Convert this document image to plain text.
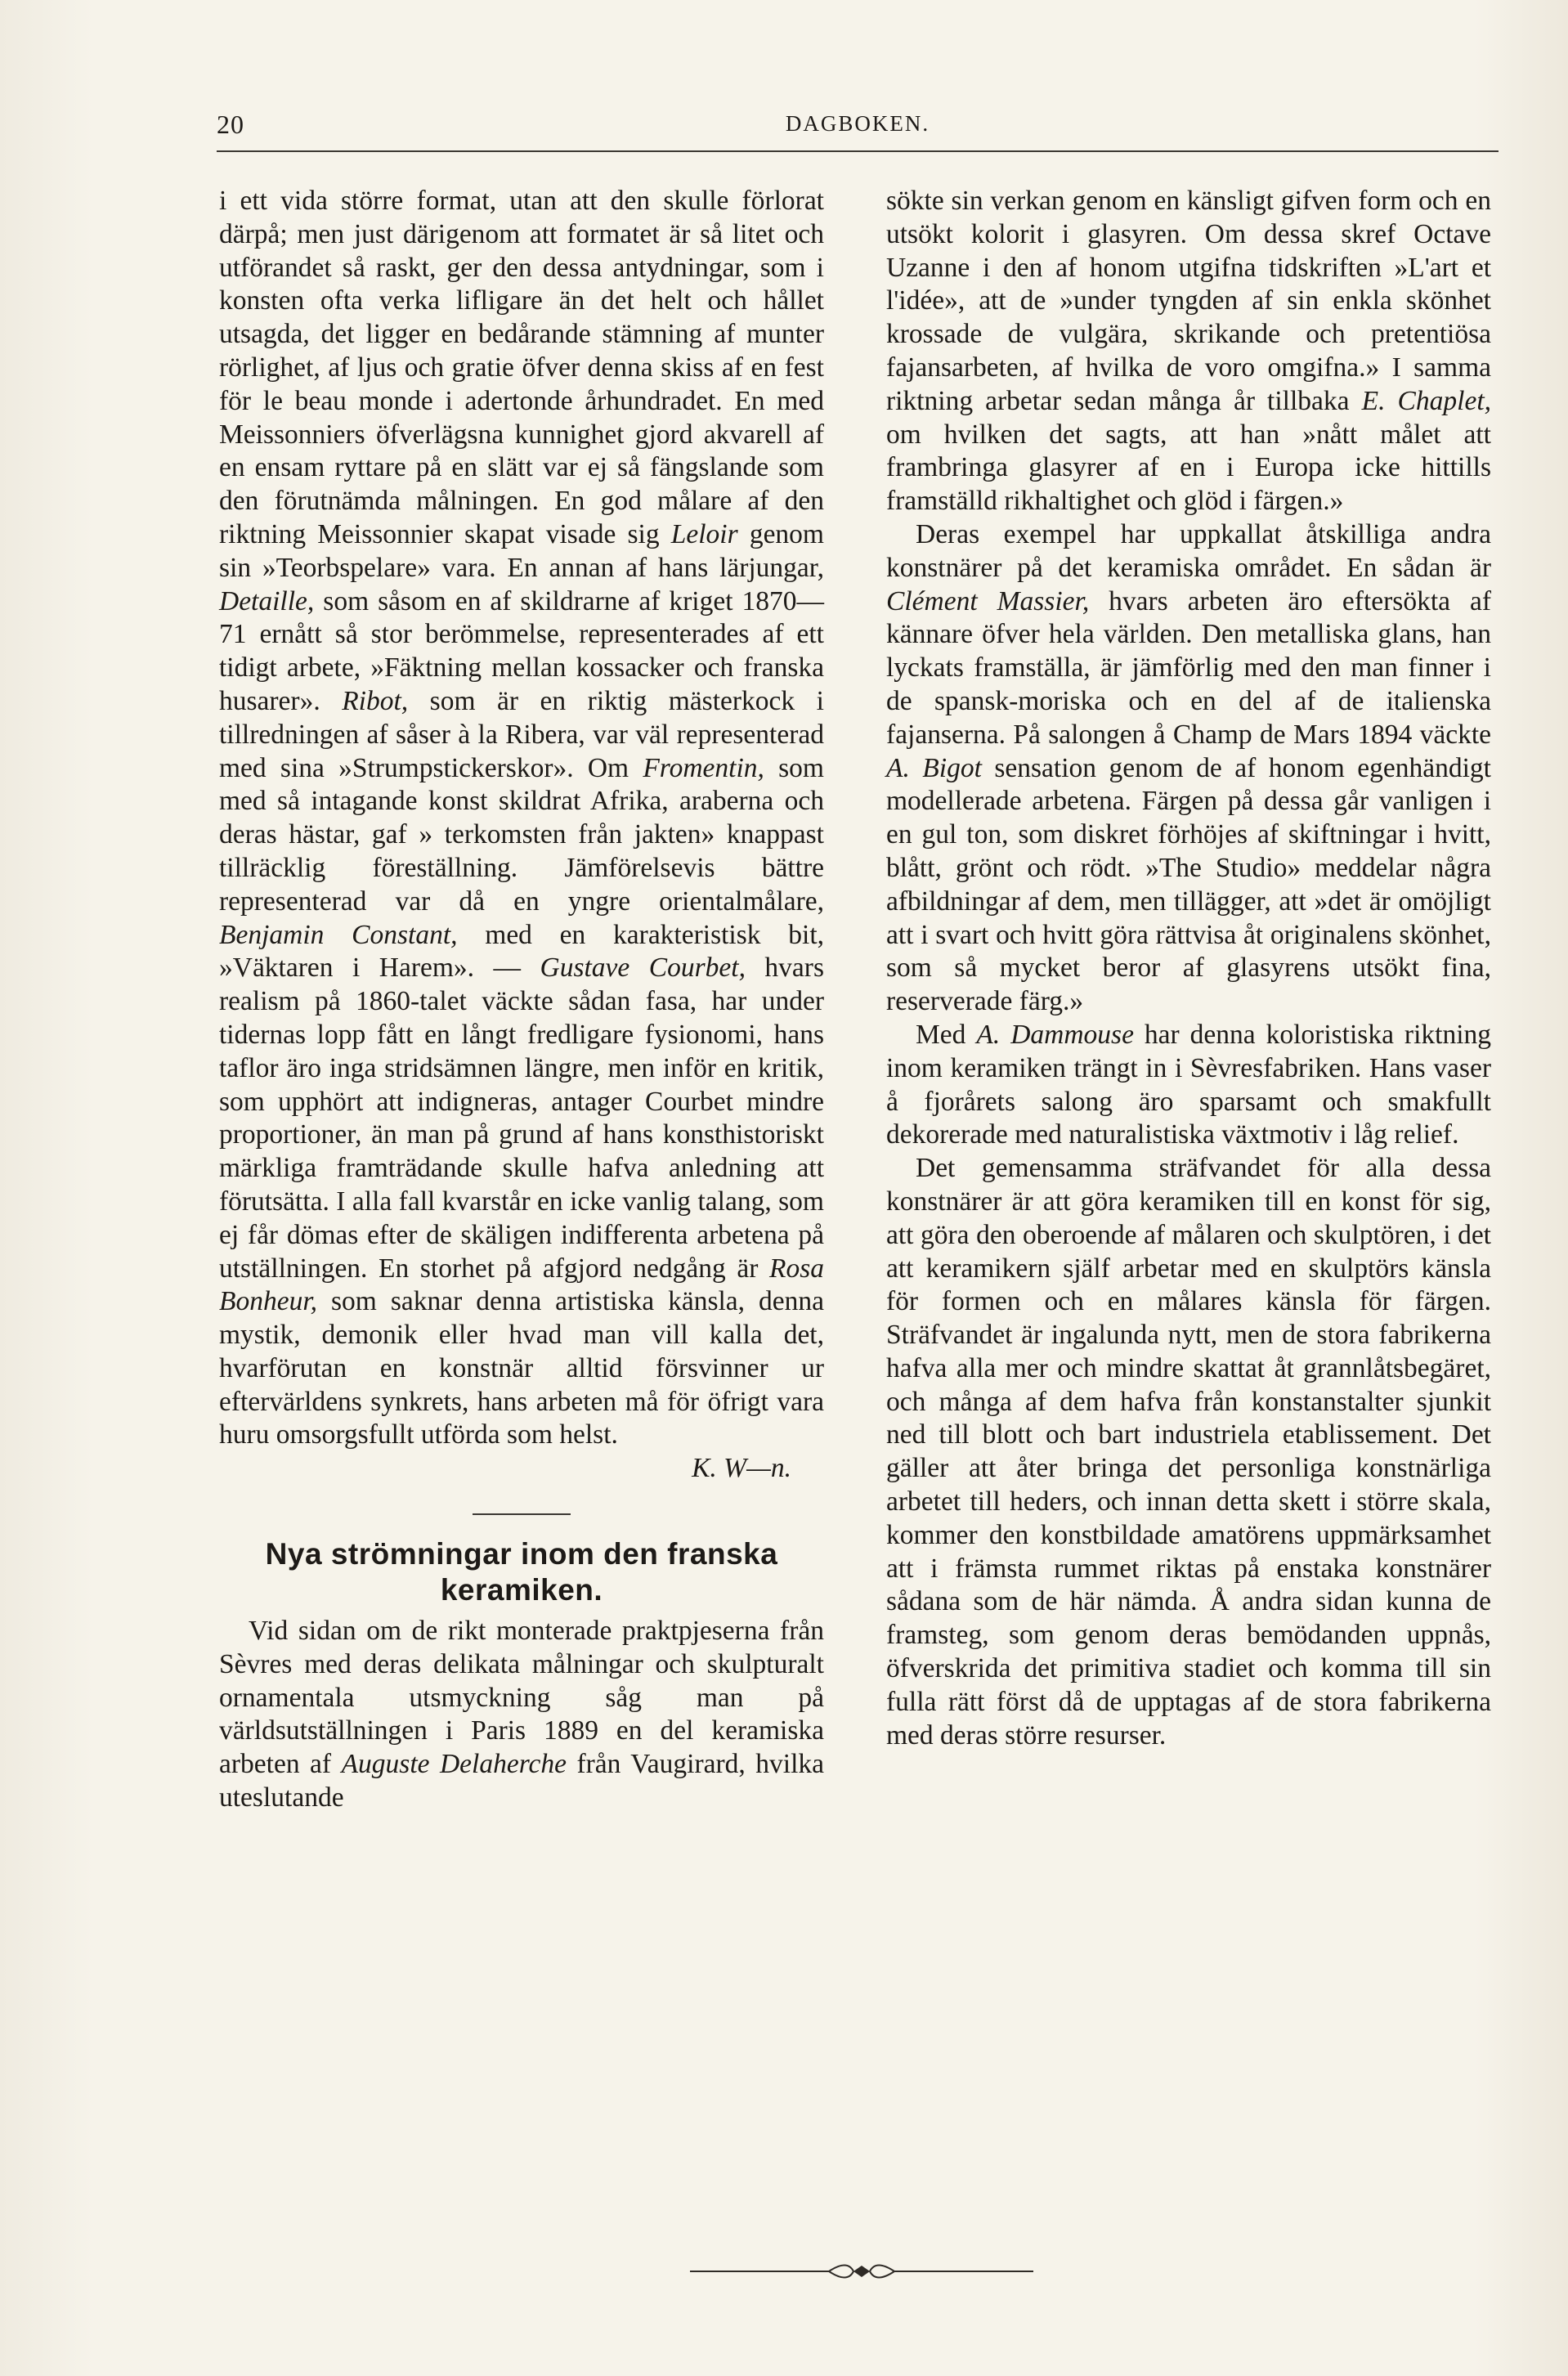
20	DAGBOKEN.

i ett vida större format, utan att den skulle förlorat därpå; men just därigenom att formatet är så litet och utförandet så raskt, ger den dessa antydningar, som i konsten ofta verka lifligare än det helt och hållet utsagda, det ligger en bedårande stämning af munter rörlighet, af ljus och gratie öfver denna skiss af en fest för le beau monde i adertonde århundradet. En med Meissonniers öfverlägsna kunnighet gjord akvarell af en ensam ryttare på en slätt var ej så fängslande som den förutnämda målningen. En god målare af den riktning Meissonnier skapat visade sig Leloir genom sin »Teorbspelare» vara. En annan af hans lärjungar, Detaille, som såsom en af skildrarne af kriget 1870—71 ernått så stor berömmelse, representerades af ett tidigt arbete, »Fäktning mellan kossacker och franska husarer». Ribot, som är en riktig mästerkock i tillredningen af såser à la Ribera, var väl representerad med sina »Strumpstickerskor». Om Fromentin, som med så intagande konst skildrat Afrika, araberna och deras hästar, gaf » terkomsten från jakten» knappast tillräcklig föreställning. Jämförelsevis bättre representerad var då en yngre orientalmålare, Benjamin Constant, med en karakteristisk bit, »Väktaren i Harem». — Gustave Courbet, hvars realism på 1860-talet väckte sådan fasa, har under tidernas lopp fått en långt fredligare fysionomi, hans taflor äro inga stridsämnen längre, men inför en kritik, som upphört att indigneras, antager Courbet mindre proportioner, än man på grund af hans konsthistoriskt märkliga framträdande skulle hafva anledning att förutsätta. I alla fall kvarstår en icke vanlig talang, som ej får dömas efter de skäligen indifferenta arbetena på utställningen. En storhet på afgjord nedgång är Rosa Bonheur, som saknar denna artistiska känsla, denna mystik, demonik eller hvad man vill kalla det, hvarförutan en konstnär alltid försvinner ur eftervärldens synkrets, hans arbeten må för öfrigt vara huru omsorgsfullt utförda som helst.

K. W—n.
Nya strömningar inom den franska keramiken.

Vid sidan om de rikt monterade praktpjeserna från Sèvres med deras delikata målningar och skulpturalt ornamentala utsmyckning såg man på världsutställningen i Paris 1889 en del keramiska arbeten af Auguste Delaherche från Vaugirard, hvilka uteslutande

sökte sin verkan genom en känsligt gifven form och en utsökt kolorit i glasyren. Om dessa skref Octave Uzanne i den af honom utgifna tidskriften »L'art et l'idée», att de »under tyngden af sin enkla skönhet krossade de vulgära, skrikande och pretentiösa fajansarbeten, af hvilka de voro omgifna.» I samma riktning arbetar sedan många år tillbaka E. Chaplet, om hvilken det sagts, att han »nått målet att frambringa glasyrer af en i Europa icke hittills framställd rikhaltighet och glöd i färgen.»

Deras exempel har uppkallat åtskilliga andra konstnärer på det keramiska området. En sådan är Clément Massier, hvars arbeten äro eftersökta af kännare öfver hela världen. Den metalliska glans, han lyckats framställa, är jämförlig med den man finner i de spansk-moriska och en del af de italienska fajanserna. På salongen å Champ de Mars 1894 väckte A. Bigot sensation genom de af honom egenhändigt modellerade arbetena. Färgen på dessa går vanligen i en gul ton, som diskret förhöjes af skiftningar i hvitt, blått, grönt och rödt. »The Studio» meddelar några afbildningar af dem, men tillägger, att »det är omöjligt att i svart och hvitt göra rättvisa åt originalens skönhet, som så mycket beror af glasyrens utsökt fina, reserverade färg.»

Med A. Dammouse har denna koloristiska riktning inom keramiken trängt in i Sèvresfabriken. Hans vaser å fjorårets salong äro sparsamt och smakfullt dekorerade med naturalistiska växtmotiv i låg relief.

Det gemensamma sträfvandet för alla dessa konstnärer är att göra keramiken till en konst för sig, att göra den oberoende af målaren och skulptören, i det att keramikern själf arbetar med en skulptörs känsla för formen och en målares känsla för färgen. Sträfvandet är ingalunda nytt, men de stora fabrikerna hafva alla mer och mindre skattat åt grannlåtsbegäret, och många af dem hafva från konstanstalter sjunkit ned till blott och bart industriela etablissement. Det gäller att åter bringa det personliga konstnärliga arbetet till heders, och innan detta skett i större skala, kommer den konstbildade amatörens uppmärksamhet att i främsta rummet riktas på enstaka konstnärer sådana som de här nämda. Å andra sidan kunna de framsteg, som genom deras bemödanden uppnås, öfverskrida det primitiva stadiet och komma till sin fulla rätt först då de upptagas af de stora fabrikerna med deras större resurser.
